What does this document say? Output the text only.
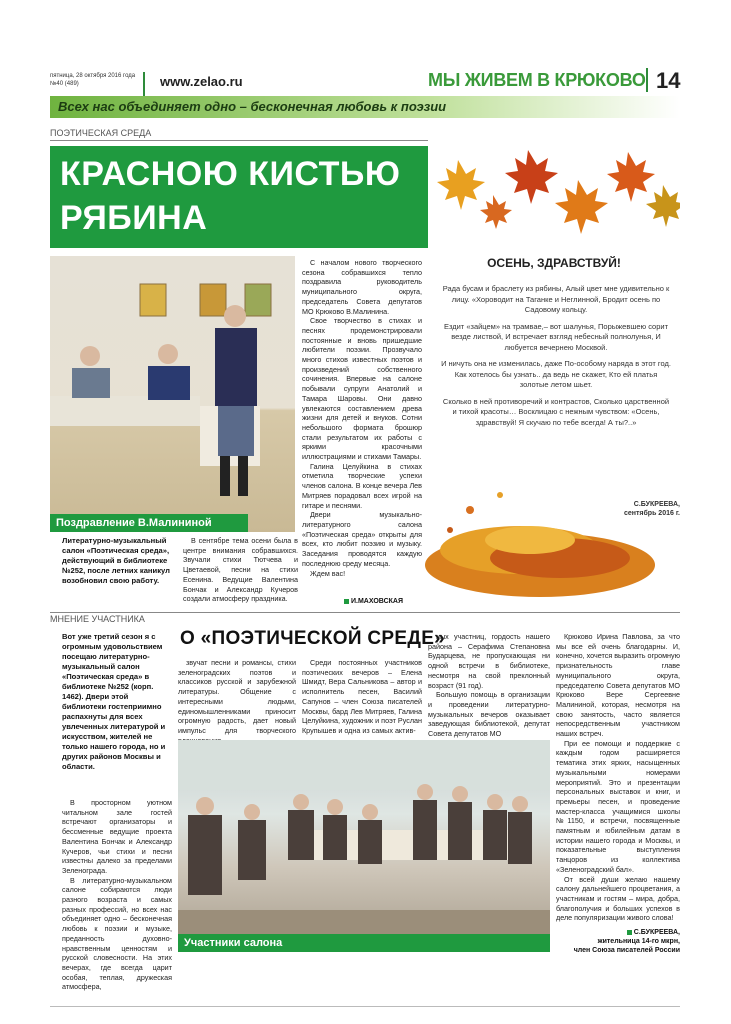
пятница, 28 октября 2016 года
№40 (489)	www.zelao.ru	МЫ ЖИВЕМ В КРЮКОВО 14
Всех нас объединяет одно – бесконечная любовь к поэзии
ПОЭТИЧЕСКАЯ СРЕДА
КРАСНОЮ КИСТЬЮ РЯБИНА
ОСЕНЬ, ЗДРАВСТВУЙ!

Рада бусам и браслету из рябины, Алый цвет мне удивительно к лицу. «Хороводит на Таганке и Неглинной, Бродит осень по Садовому кольцу.

Ездит «зайцем» на трамвае,– вот шалунья, Порыжевшею сорит везде листвой, И встречает взгляд небесный полнолунья, И любуется вечернею Москвой.

И ничуть она не изменилась, даже По-особому наряда в этот год. Как хотелось бы узнать.. да ведь не скажет, Кто ей платья золотые летом шьет.

Сколько в ней противоречий и контрастов, Сколько царственной и тихой красоты… Восклицаю с нежным чувством: «Осень, здравствуй! Я скучаю по тебе всегда! А ты?..»

С.БУКРЕЕВА,
сентябрь 2016 г.
Поздравление В.Малининой
Литературно-музыкальный салон «Поэтическая среда», действующий в библиотеке №252, после летних каникул возобновил свою работу.

В сентябре тема осени была в центре внимания собравшихся. Звучали стихи Тютчева и Цветаевой, песни на стихи Есенина. Ведущие Валентина Бончак и Александр Кучеров создали атмосферу праздника.

С началом нового творческого сезона собравшихся тепло поздравила руководитель муниципального округа, председатель Совета депутатов МО Крюково В.Малинина.

Свое творчество в стихах и песнях продемонстрировали постоянные и вновь пришедшие любители поэзии. Прозвучало много стихов известных поэтов и произведений собственного сочинения. Впервые на салоне побывали супруги Анатолий и Тамара Шаровы. Они давно увлекаются составлением древа жизни для детей и внуков. Сотни небольшого формата брошюр стали результатом их работы с яркими красочными иллюстрациями и стихами Тамары.

Галина Целуйкина в стихах отметила творческие успехи членов салона. В конце вечера Лев Митряев порадовал всех игрой на гитаре и песнями.

Двери музыкально-литературного салона «Поэтическая среда» открыты для всех, кто любит поэзию и музыку. Заседания проводятся каждую последнюю среду месяца.

Ждем вас!

И.МАХОВСКАЯ
МНЕНИЕ УЧАСТНИКА
Вот уже третий сезон я с огромным удовольствием посещаю литературно-музыкальный салон «Поэтическая среда» в библиотеке №252 (корп. 1462). Двери этой библиотеки гостеприимно распахнуты для всех увлеченных литературой и искусством, жителей не только нашего города, но и других районов Москвы и области.
О «ПОЭТИЧЕСКОЙ СРЕДЕ»

В просторном уютном читальном зале гостей встречают организаторы и бессменные ведущие проекта Валентина Бончак и Александр Кучеров, чьи стихи и песни известны далеко за пределами Зеленограда.

В литературно-музыкальном салоне собираются люди разного возраста и самых разных профессий, но всех нас объединяет одно – бесконечная любовь к поэзии и музыке, преданность духовно-нравственным ценностям и русской словесности. На этих вечерах, где всегда царит особая, теплая, дружеская атмосфера,

звучат песни и романсы, стихи зеленоградских поэтов и классиков русской и зарубежной литературы. Общение с интересными людьми, единомышленниками приносит огромную радость, дает новый импульс для творческого

Среди постоянных участников поэтических вечеров – Елена Шмидт, Вера Сальникова – автор и исполнитель песен, Василий Сапунов – член Союза писателей Москвы, бард Лев Митряев, Галина Целуйкина, художник и поэт Руслан Крупышев и одна из самых актив-

ных участниц, гордость нашего района – Серафима Степановна Бударцева, не пропускающая ни одной встречи в библиотеке, несмотря на свой преклонный возраст (91 год).

Большую помощь в организации и проведении литературно-музыкальных вечеров оказывает заведующая библиотекой, депутат Совета депутатов МО

Крюково Ирина Павлова, за что мы все ей очень благодарны. И, конечно, хочется выразить огромную признательность главе муниципального округа, председателю Совета депутатов МО Крюково Вере Сергеевне Малининой, которая, несмотря на свою занятость, часто является непосредственным участником наших встреч.

При ее помощи и поддержке с каждым годом расширяется тематика этих ярких, насыщенных музыкальными номерами мероприятий. Это и презентации персональных выставок и книг, и премьеры песен, и проведение мастер-класса учащимися школы №1150, и встречи, посвященные памятным и юбилейным датам в истории нашего города и Москвы, и показательные выступления танцоров из коллектива «Зеленоградский бал».

От всей души желаю нашему салону дальнейшего процветания, а участникам и гостям – мира, добра, благополучия и больших успехов в деле популяризации живого слова!

С.БУКРЕЕВА,
жительница 14-го мкрн,
член Союза писателей России
Участники салона
